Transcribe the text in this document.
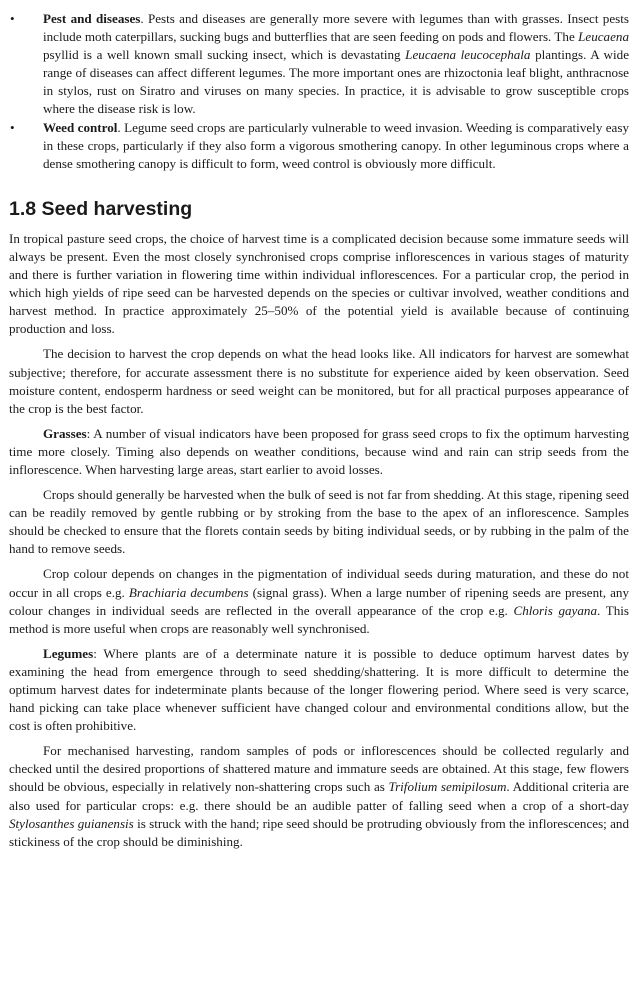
• Pest and diseases. Pests and diseases are generally more severe with legumes than with grasses. Insect pests include moth caterpillars, sucking bugs and butterflies that are seen feeding on pods and flowers. The Leucaena psyllid is a well known small sucking insect, which is devastating Leucaena leucocephala plantings. A wide range of diseases can affect different legumes. The more important ones are rhizoctonia leaf blight, anthracnose in stylos, rust on Siratro and viruses on many species. In practice, it is advisable to grow susceptible crops where the disease risk is low.
• Weed control. Legume seed crops are particularly vulnerable to weed invasion. Weeding is comparatively easy in these crops, particularly if they also form a vigorous smothering canopy. In other leguminous crops where a dense smothering canopy is difficult to form, weed control is obviously more difficult.
1.8 Seed harvesting

In tropical pasture seed crops, the choice of harvest time is a complicated decision because some immature seeds will always be present. Even the most closely synchronised crops comprise inflorescences in various stages of maturity and there is further variation in flowering time within individual inflorescences. For a particular crop, the period in which high yields of ripe seed can be harvested depends on the species or cultivar involved, weather conditions and harvest method. In practice approximately 25–50% of the potential yield is available because of continuing production and loss.

The decision to harvest the crop depends on what the head looks like. All indicators for harvest are somewhat subjective; therefore, for accurate assessment there is no substitute for experience aided by keen observation. Seed moisture content, endosperm hardness or seed weight can be monitored, but for all practical purposes appearance of the crop is the best factor.

Grasses: A number of visual indicators have been proposed for grass seed crops to fix the optimum harvesting time more closely. Timing also depends on weather conditions, because wind and rain can strip seeds from the inflorescence. When harvesting large areas, start earlier to avoid losses.

Crops should generally be harvested when the bulk of seed is not far from shedding. At this stage, ripening seed can be readily removed by gentle rubbing or by stroking from the base to the apex of an inflorescence. Samples should be checked to ensure that the florets contain seeds by biting individual seeds, or by rubbing in the palm of the hand to remove seeds.

Crop colour depends on changes in the pigmentation of individual seeds during maturation, and these do not occur in all crops e.g. Brachiaria decumbens (signal grass). When a large number of ripening seeds are present, any colour changes in individual seeds are reflected in the overall appearance of the crop e.g. Chloris gayana. This method is more useful when crops are reasonably well synchronised.

Legumes: Where plants are of a determinate nature it is possible to deduce optimum harvest dates by examining the head from emergence through to seed shedding/shattering. It is more difficult to determine the optimum harvest dates for indeterminate plants because of the longer flowering period. Where seed is very scarce, hand picking can take place whenever sufficient have changed colour and environmental conditions allow, but the cost is often prohibitive.

For mechanised harvesting, random samples of pods or inflorescences should be collected regularly and checked until the desired proportions of shattered mature and immature seeds are obtained. At this stage, few flowers should be obvious, especially in relatively non-shattering crops such as Trifolium semipilosum. Additional criteria are also used for particular crops: e.g. there should be an audible patter of falling seed when a crop of a short-day Stylosanthes guianensis is struck with the hand; ripe seed should be protruding obviously from the inflorescences; and stickiness of the crop should be diminishing.
